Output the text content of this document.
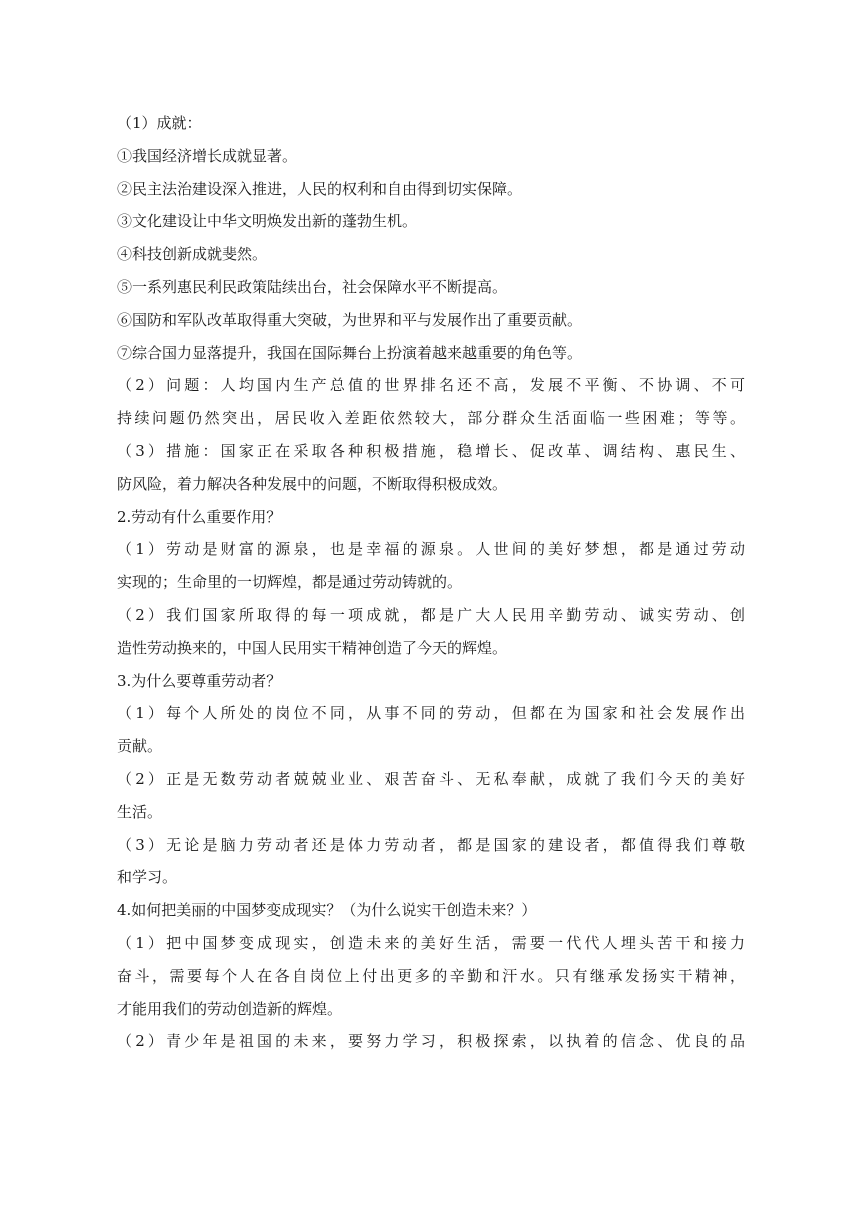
（1）成就：
①我国经济增长成就显著。
②民主法治建设深入推进，人民的权利和自由得到切实保障。
③文化建设让中华文明焕发出新的蓬勃生机。
④科技创新成就斐然。
⑤一系列惠民利民政策陆续出台，社会保障水平不断提高。
⑥国防和军队改革取得重大突破，为世界和平与发展作出了重要贡献。
⑦综合国力显落提升，我国在国际舞台上扮演着越来越重要的角色等。
（2）问题：人均国内生产总值的世界排名还不高，发展不平衡、不协调、不可
持续问题仍然突出，居民收入差距依然较大，部分群众生活面临一些困难；等等。
（3）措施：国家正在采取各种积极措施，稳增长、促改革、调结构、惠民生、
防风险，着力解决各种发展中的问题，不断取得积极成效。
2.劳动有什么重要作用？
（1）劳动是财富的源泉，也是幸福的源泉。人世间的美好梦想，都是通过劳动
实现的；生命里的一切辉煌，都是通过劳动铸就的。
（2）我们国家所取得的每一项成就，都是广大人民用辛勤劳动、诚实劳动、创
造性劳动换来的，中国人民用实干精神创造了今天的辉煌。
3.为什么要尊重劳动者？
（1）每个人所处的岗位不同，从事不同的劳动，但都在为国家和社会发展作出
贡献。
（2）正是无数劳动者兢兢业业、艰苦奋斗、无私奉献，成就了我们今天的美好
生活。
（3）无论是脑力劳动者还是体力劳动者，都是国家的建设者，都值得我们尊敬
和学习。
4.如何把美丽的中国梦变成现实？（为什么说实干创造未来？）
（1）把中国梦变成现实，创造未来的美好生活，需要一代代人埋头苦干和接力
奋斗，需要每个人在各自岗位上付出更多的辛勤和汗水。只有继承发扬实干精神，
才能用我们的劳动创造新的辉煌。
（2）青少年是祖国的未来，要努力学习，积极探索，以执着的信念、优良的品
